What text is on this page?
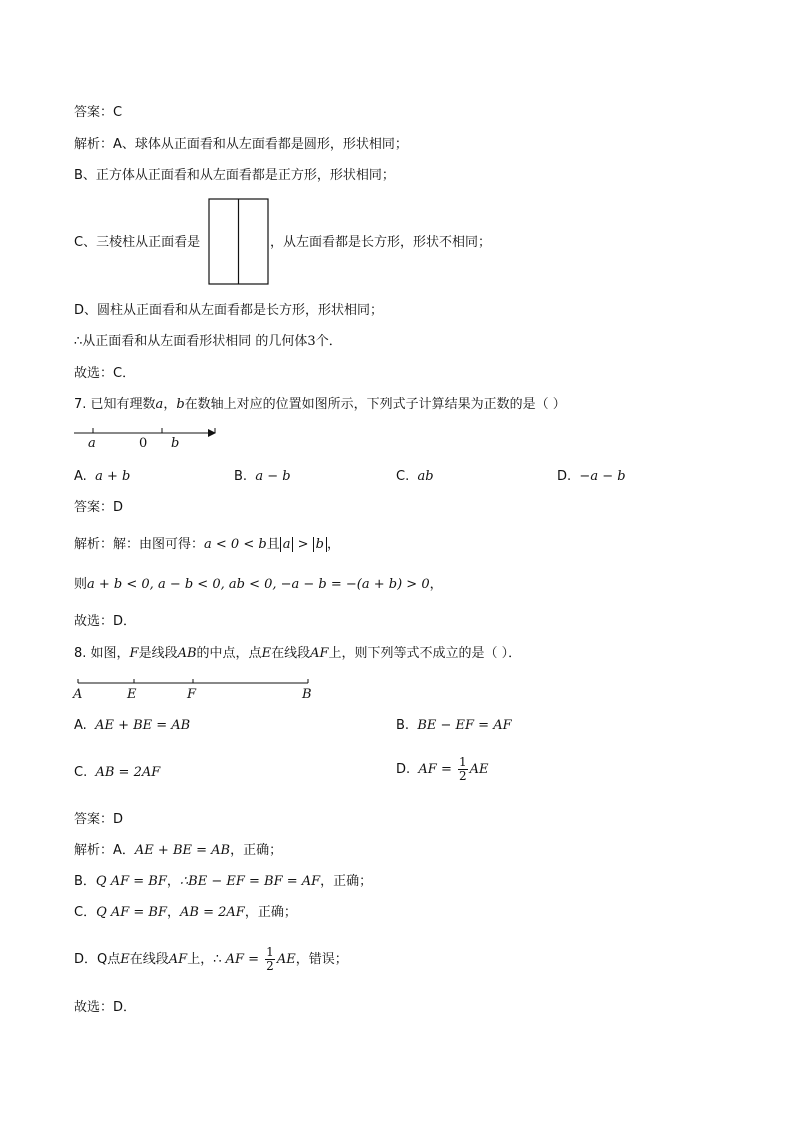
答案：C
解析：A、球体从正面看和从左面看都是圆形，形状相同；
B、正方体从正面看和从左面看都是正方形，形状相同；
C、三棱柱从正面看是	，从左面看都是长方形，形状不相同；
D、圆柱从正面看和从左面看都是长方形，形状相同；
∴从正面看和从左面看形状相同 的几何体3个．
故选：C．
7. 已知有理数a，b在数轴上对应的位置如图所示，下列式子计算结果为正数的是（ ）
a	0 b
A. a + b	B. a − b	C. ab	D. −a − b
答案：D
解析：解：由图可得：a < 0 < b且 a > b ，
则a + b < 0, a − b < 0, ab < 0, −a − b = −(a + b) > 0，
故选：D．
8. 如图，F是线段AB的中点，点E在线段AF上，则下列等式不成立的是（ ）．
A	E	F	B
A. AE + BE = AB	B. BE − EF = AF
C. AB = 2AF	D. AF = $\frac{1}{2}$ AE
答案：D
解析：A．AE + BE = AB，正确；
B．Q AF = BF，∴BE − EF = BF = AF，正确；
C．Q AF = BF，AB = 2AF，正确；
D．Q点E在线段AF上，∴ AF = $\frac{1}{2}$ AE，错误；
故选：D．
